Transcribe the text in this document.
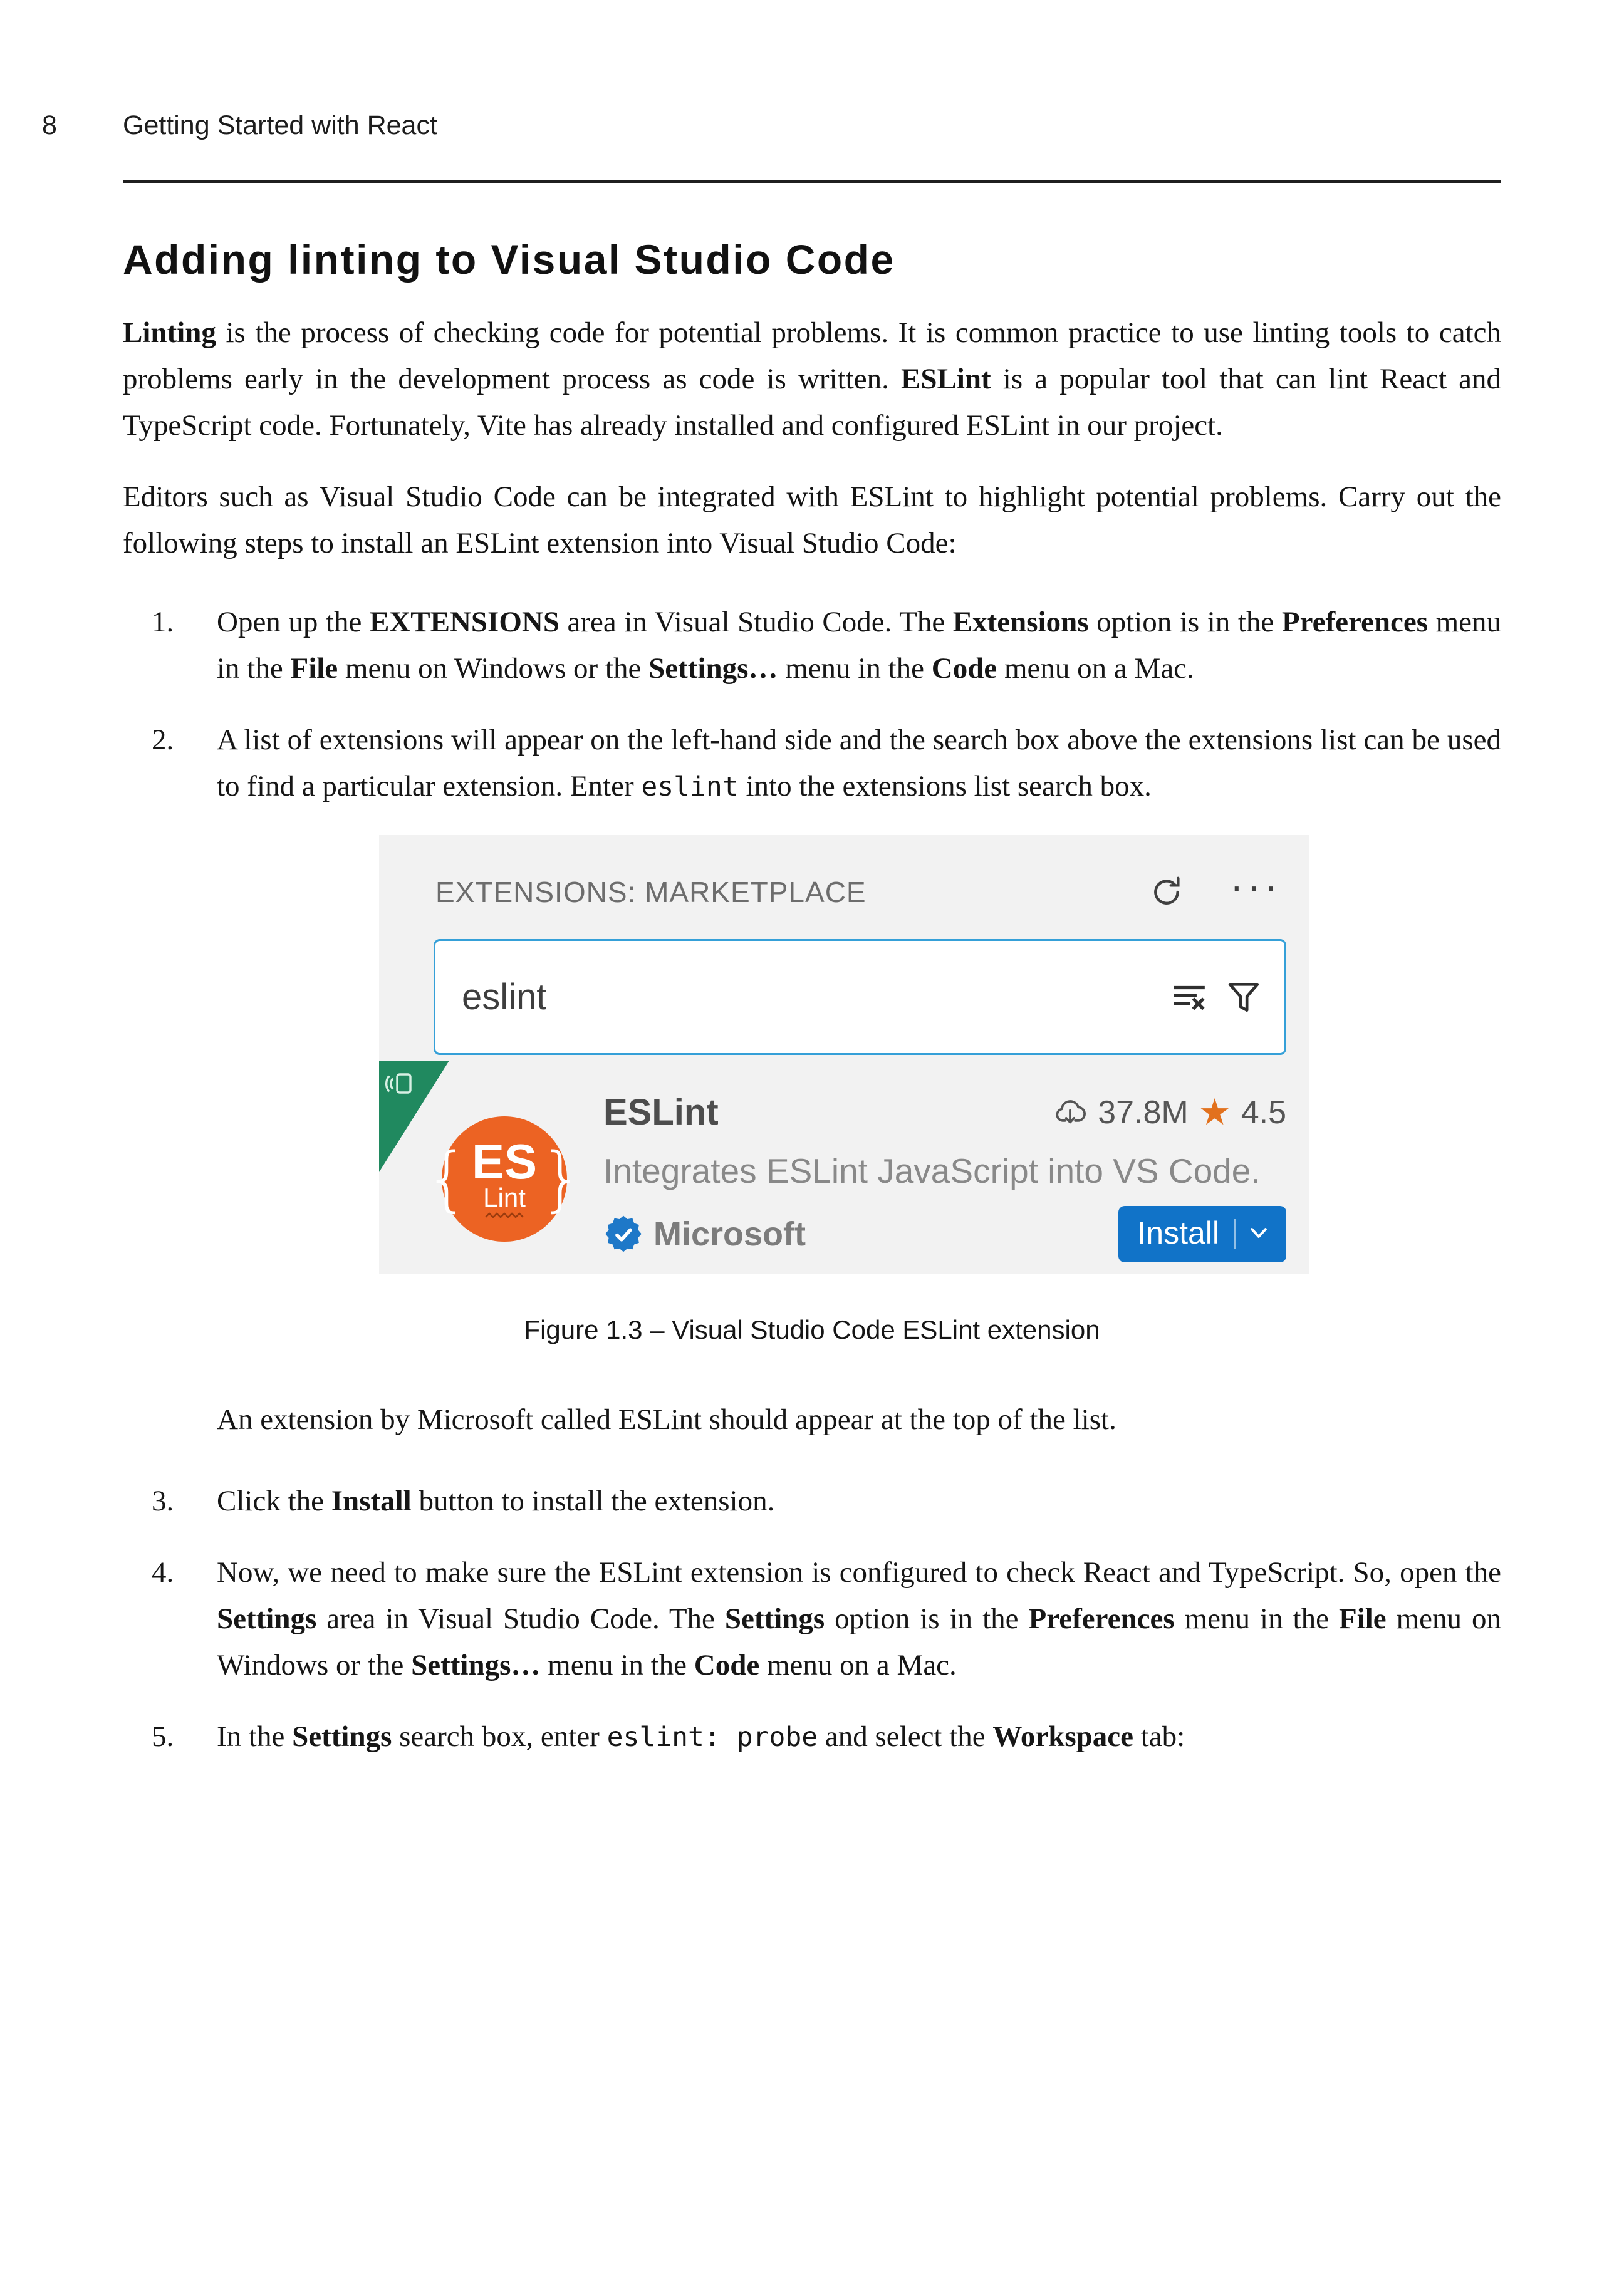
8 Getting Started with React
Adding linting to Visual Studio Code

Linting is the process of checking code for potential problems. It is common practice to use linting tools to catch problems early in the development process as code is written. ESLint is a popular tool that can lint React and TypeScript code. Fortunately, Vite has already installed and configured ESLint in our project.

Editors such as Visual Studio Code can be integrated with ESLint to highlight potential problems. Carry out the following steps to install an ESLint extension into Visual Studio Code:

1.	Open up the EXTENSIONS area in Visual Studio Code. The Extensions option is in the Preferences menu in the File menu on Windows or the Settings… menu in the Code menu on a Mac.
2.	A list of extensions will appear on the left-hand side and the search box above the extensions list can be used to find a particular extension. Enter eslint into the extensions list search box.
EXTENSIONS: MARKETPLACE	···
eslint
{ ES
Lint }
ESLint	37.8M ★ 4.5
Integrates ESLint JavaScript into VS Code.
Microsoft	Install
Figure 1.3 – Visual Studio Code ESLint extension

An extension by Microsoft called ESLint should appear at the top of the list.

3.	Click the Install button to install the extension.
4.	Now, we need to make sure the ESLint extension is configured to check React and TypeScript. So, open the Settings area in Visual Studio Code. The Settings option is in the Preferences menu in the File menu on Windows or the Settings… menu in the Code menu on a Mac.
5.	In the Settings search box, enter eslint: probe and select the Workspace tab:
